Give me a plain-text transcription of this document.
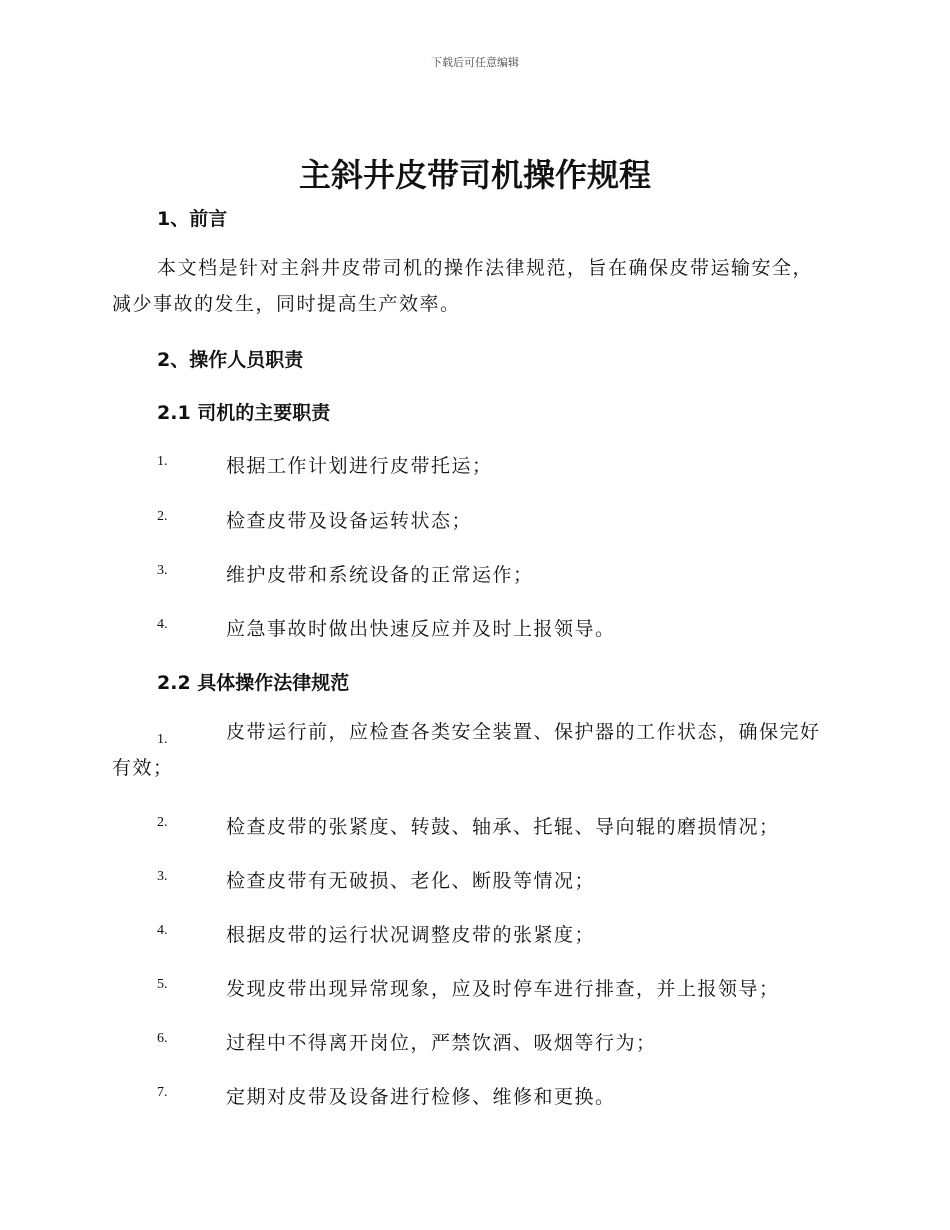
下载后可任意编辑
主斜井皮带司机操作规程
1、前言
本文档是针对主斜井皮带司机的操作法律规范，旨在确保皮带运输安全，减少事故的发生，同时提高生产效率。
2、操作人员职责
2.1 司机的主要职责
1.	根据工作计划进行皮带托运；
2.	检查皮带及设备运转状态；
3.	维护皮带和系统设备的正常运作；
4.	应急事故时做出快速反应并及时上报领导。
2.2 具体操作法律规范
1.	皮带运行前，应检查各类安全装置、保护器的工作状态，确保完好有效；
2.	检查皮带的张紧度、转鼓、轴承、托辊、导向辊的磨损情况；
3.	检查皮带有无破损、老化、断股等情况；
4.	根据皮带的运行状况调整皮带的张紧度；
5.	发现皮带出现异常现象，应及时停车进行排查，并上报领导；
6.	过程中不得离开岗位，严禁饮酒、吸烟等行为；
7.	定期对皮带及设备进行检修、维修和更换。
